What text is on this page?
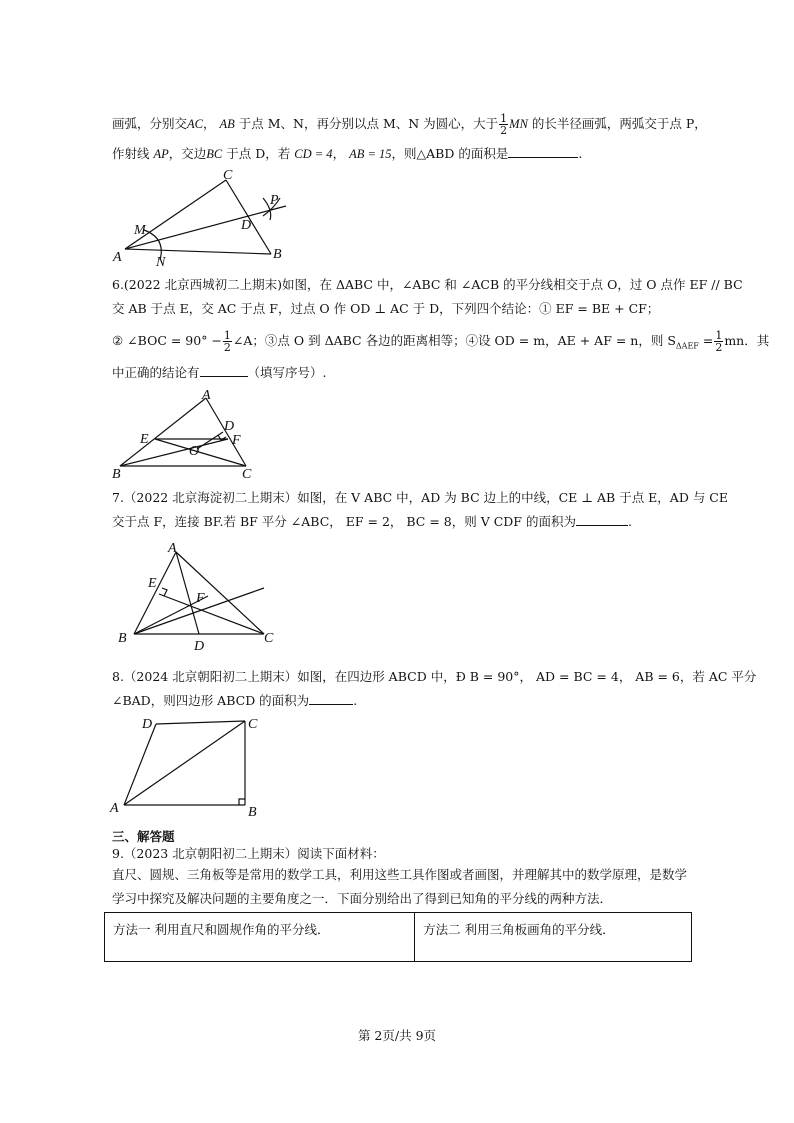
画弧，分别交AC， AB 于点 M、N，再分别以点 M、N 为圆心，大于 $\frac{1}{2}$ MN 的长半径画弧，两弧交于点 P，
作射线 AP，交边BC 于点 D，若 CD = 4， AB = 15，则△ABD 的面积是	.
C
P
M	D
A N
B
6.(2022 北京西城初二上期末)如图，在 ΔABC 中，∠ABC 和 ∠ACB 的平分线相交于点 O，过 O 点作 EF // BC
交 AB 于点 E，交 AC 于点 F，过点 O 作 OD ⊥ AC 于 D，下列四个结论：① EF = BE + CF；
② ∠BOC = $90^\circ - \frac{1}{2}$ ∠A；③点 O 到 ΔABC 各边的距离相等；④设 OD = m，AE + AF = n，则 $S_{\Delta AEF} = \frac{1}{2}$ mn．其
中正确的结论有	（填写序号）.
A
D
E	F
O
B	C
7.（2022 北京海淀初二上期末）如图，在 V ABC 中，AD 为 BC 边上的中线，CE ⊥ AB 于点 E，AD 与 CE
交于点 F，连接 BF.若 BF 平分 ∠ABC， EF = 2， BC = 8，则 V CDF 的面积为	.
A
E
F
B
D
C
8.（2024 北京朝阳初二上期末）如图，在四边形 ABCD 中，Ð B = 90°， AD = BC = 4， AB = 6，若 AC 平分
∠BAD，则四边形 ABCD 的面积为	.
D	C
A	B
三、解答题
9.（2023 北京朝阳初二上期末）阅读下面材料：
直尺、圆规、三角板等是常用的数学工具，利用这些工具作图或者画图，并理解其中的数学原理，是数学
学习中探究及解决问题的主要角度之一．下面分别给出了得到已知角的平分线的两种方法．
方法一 利用直尺和圆规作角的平分线．	方法二 利用三角板画角的平分线．
第 2页/共 9页
